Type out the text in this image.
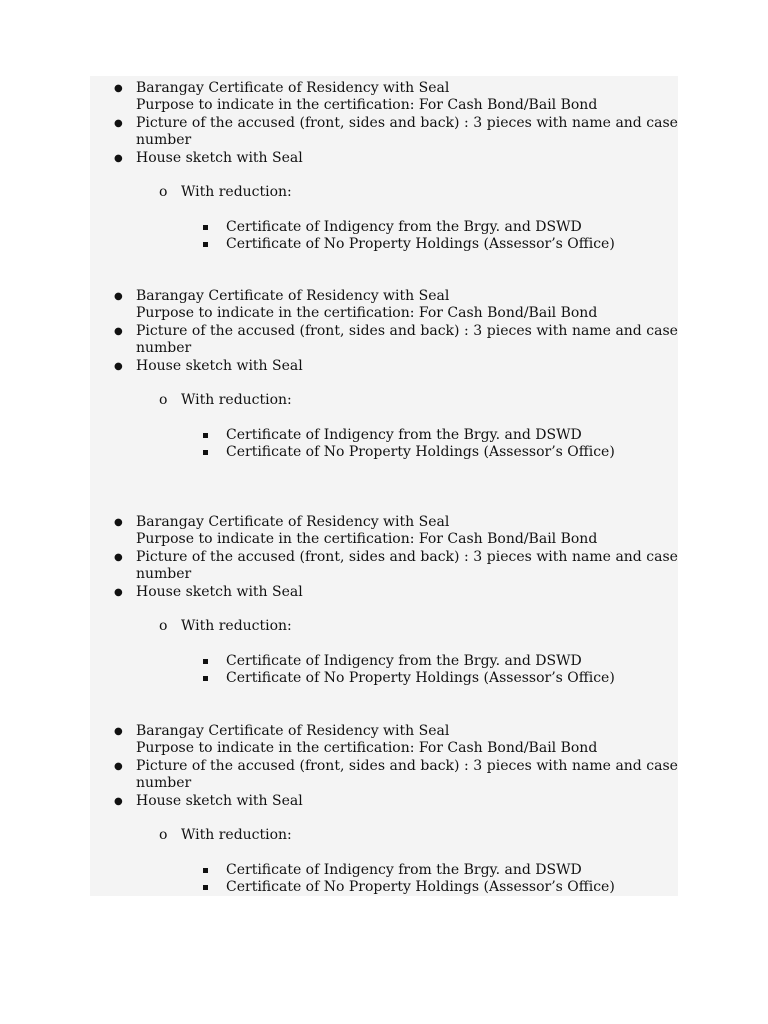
● Barangay Certificate of Residency with Seal
Purpose to indicate in the certification: For Cash Bond/Bail Bond
● Picture of the accused (front, sides and back) : 3 pieces with name and case
number
● House sketch with Seal
o With reduction:
Certificate of Indigency from the Brgy. and DSWD
Certificate of No Property Holdings (Assessor’s Office)
● Barangay Certificate of Residency with Seal
Purpose to indicate in the certification: For Cash Bond/Bail Bond
● Picture of the accused (front, sides and back) : 3 pieces with name and case
number
● House sketch with Seal
o With reduction:
Certificate of Indigency from the Brgy. and DSWD
Certificate of No Property Holdings (Assessor’s Office)
● Barangay Certificate of Residency with Seal
Purpose to indicate in the certification: For Cash Bond/Bail Bond
● Picture of the accused (front, sides and back) : 3 pieces with name and case
number
● House sketch with Seal
o With reduction:
Certificate of Indigency from the Brgy. and DSWD
Certificate of No Property Holdings (Assessor’s Office)
● Barangay Certificate of Residency with Seal
Purpose to indicate in the certification: For Cash Bond/Bail Bond
● Picture of the accused (front, sides and back) : 3 pieces with name and case
number
● House sketch with Seal
o With reduction:
Certificate of Indigency from the Brgy. and DSWD
Certificate of No Property Holdings (Assessor’s Office)
